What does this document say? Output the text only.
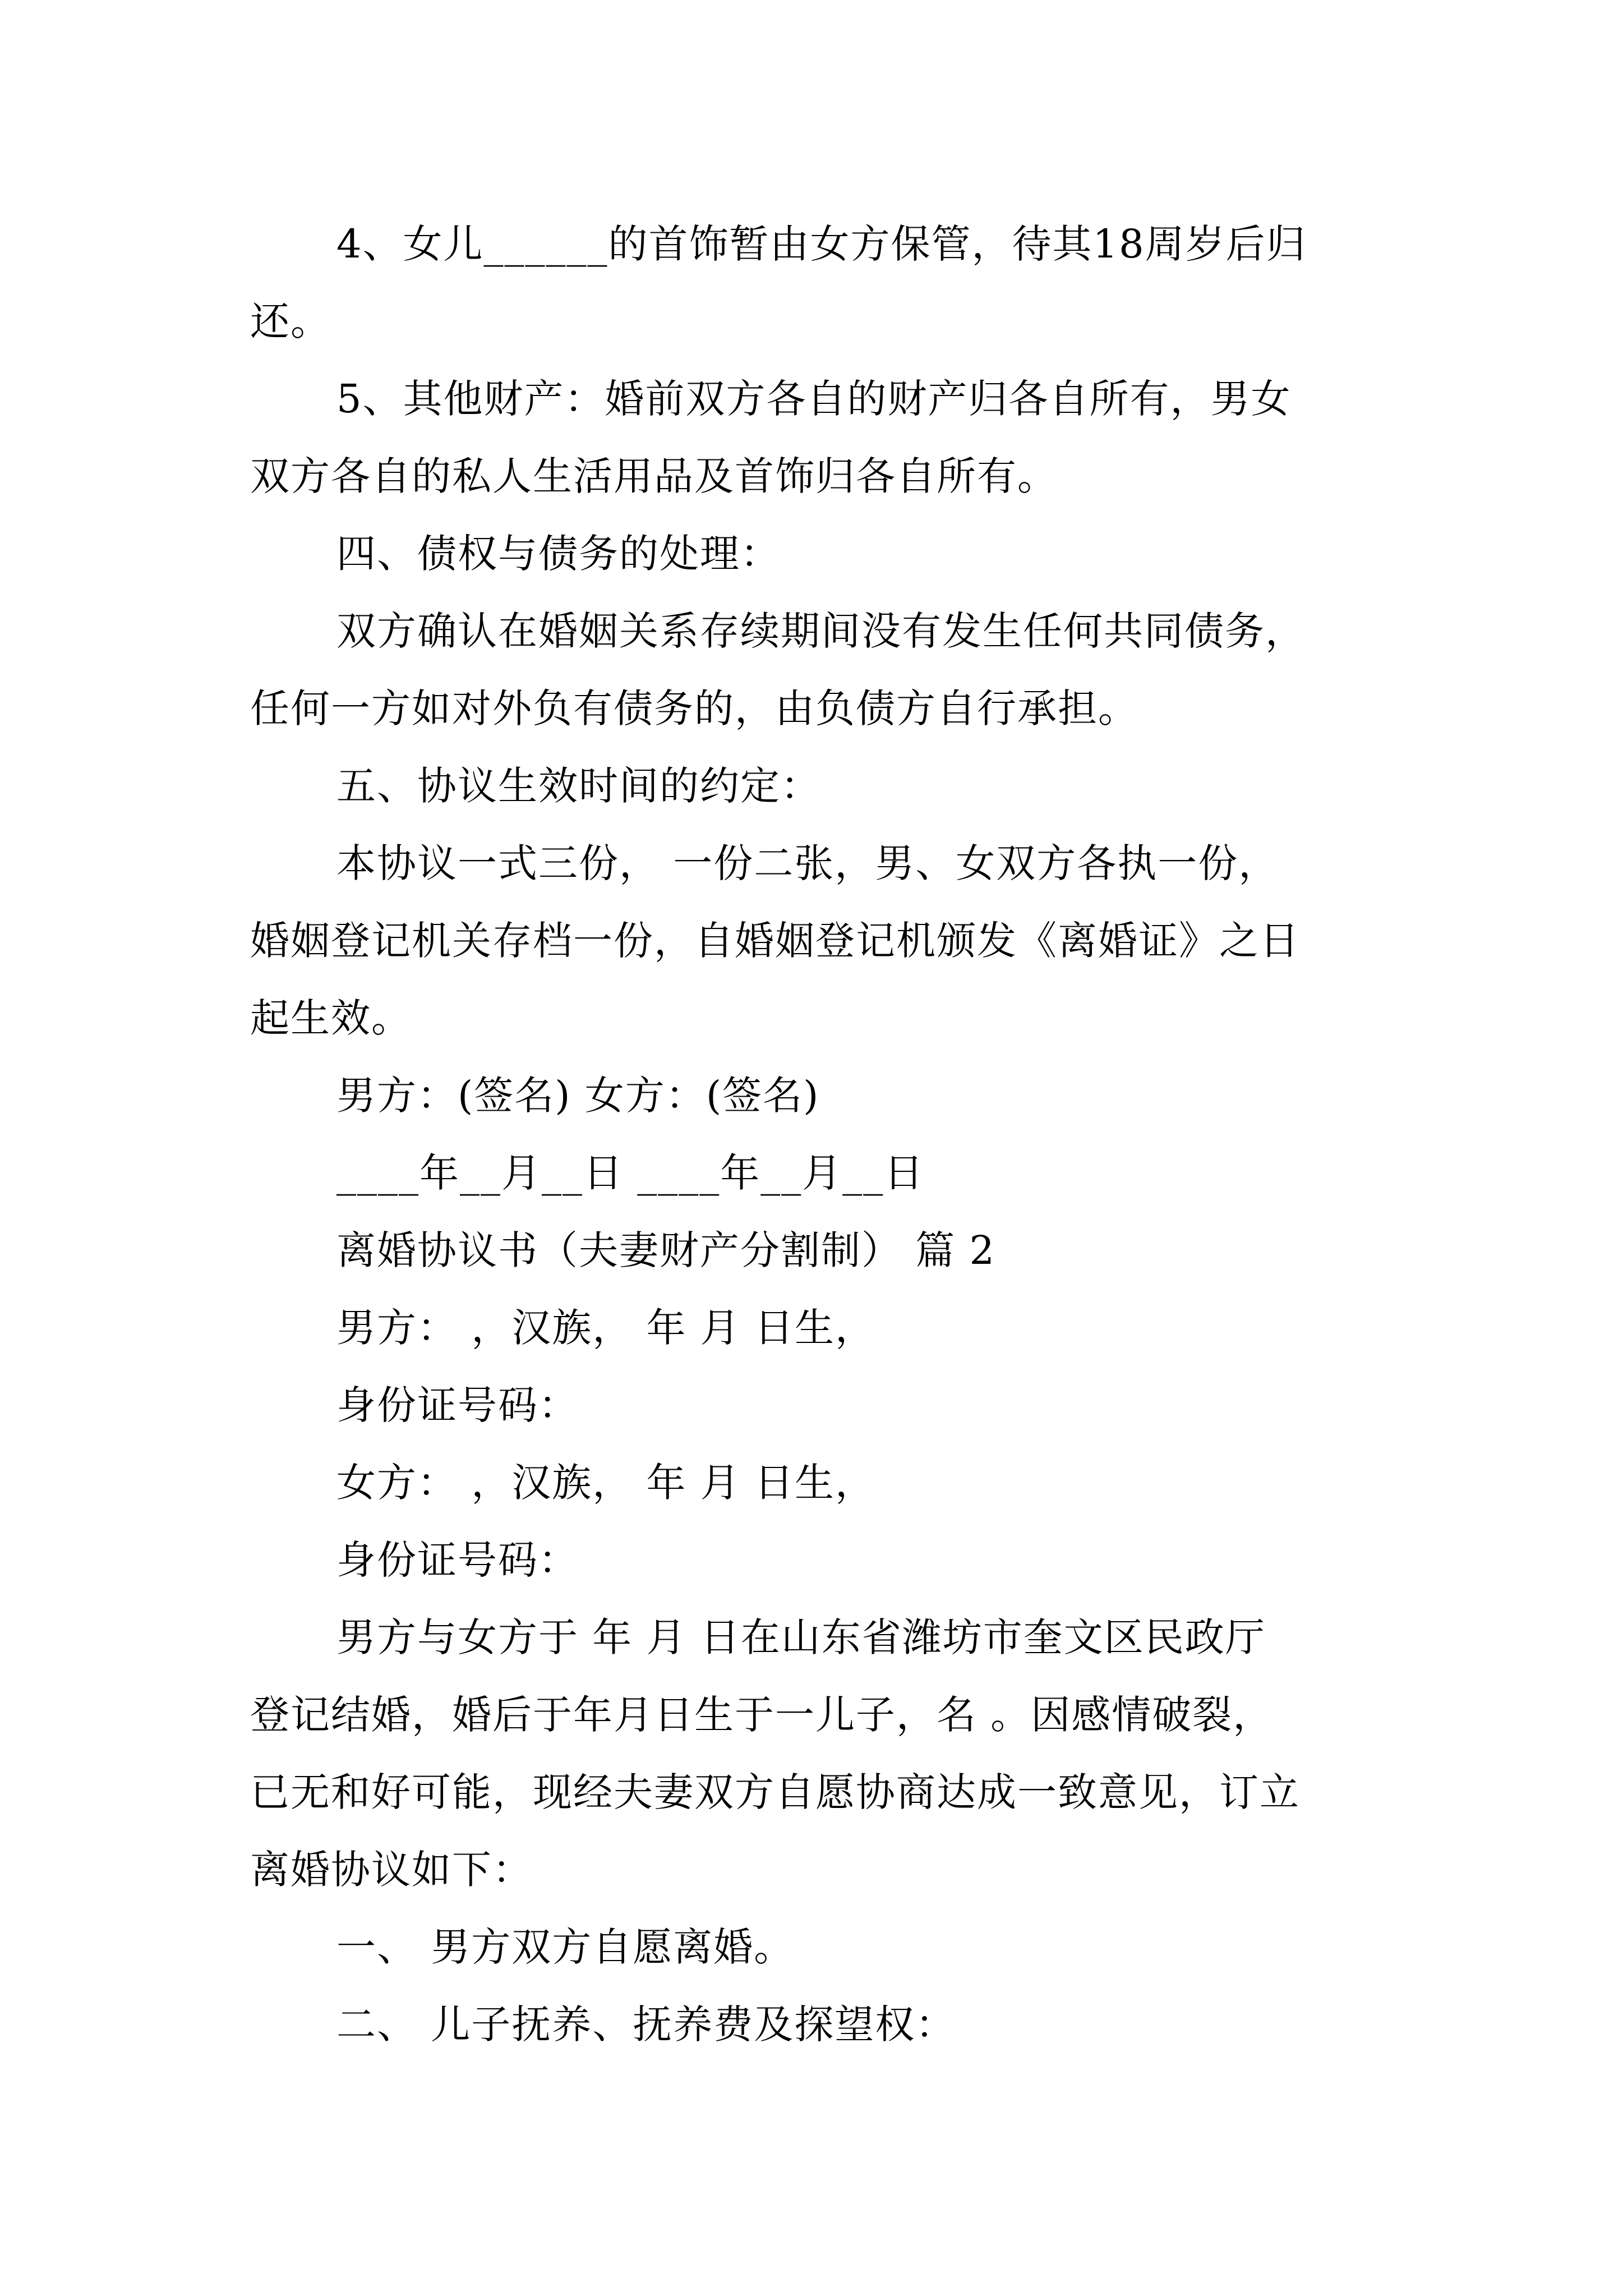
4、女儿______的首饰暂由女方保管，待其18周岁后归
还。
5、其他财产：婚前双方各自的财产归各自所有，男女
双方各自的私人生活用品及首饰归各自所有。
四、债权与债务的处理：
双方确认在婚姻关系存续期间没有发生任何共同债务，
任何一方如对外负有债务的，由负债方自行承担。
五、协议生效时间的约定：
本协议一式三份， 一份二张，男、女双方各执一份，
婚姻登记机关存档一份，自婚姻登记机颁发《离婚证》之日
起生效。
男方：(签名) 女方：(签名)
____年__月__日 ____年__月__日
离婚协议书（夫妻财产分割制） 篇 2
男方： ，汉族， 年 月 日生，
身份证号码：
女方： ，汉族， 年 月 日生，
身份证号码：
男方与女方于 年 月 日在山东省潍坊市奎文区民政厅
登记结婚，婚后于年月日生于一儿子，名 。因感情破裂，
已无和好可能，现经夫妻双方自愿协商达成一致意见，订立
离婚协议如下：
一、 男方双方自愿离婚。
二、 儿子抚养、抚养费及探望权：
